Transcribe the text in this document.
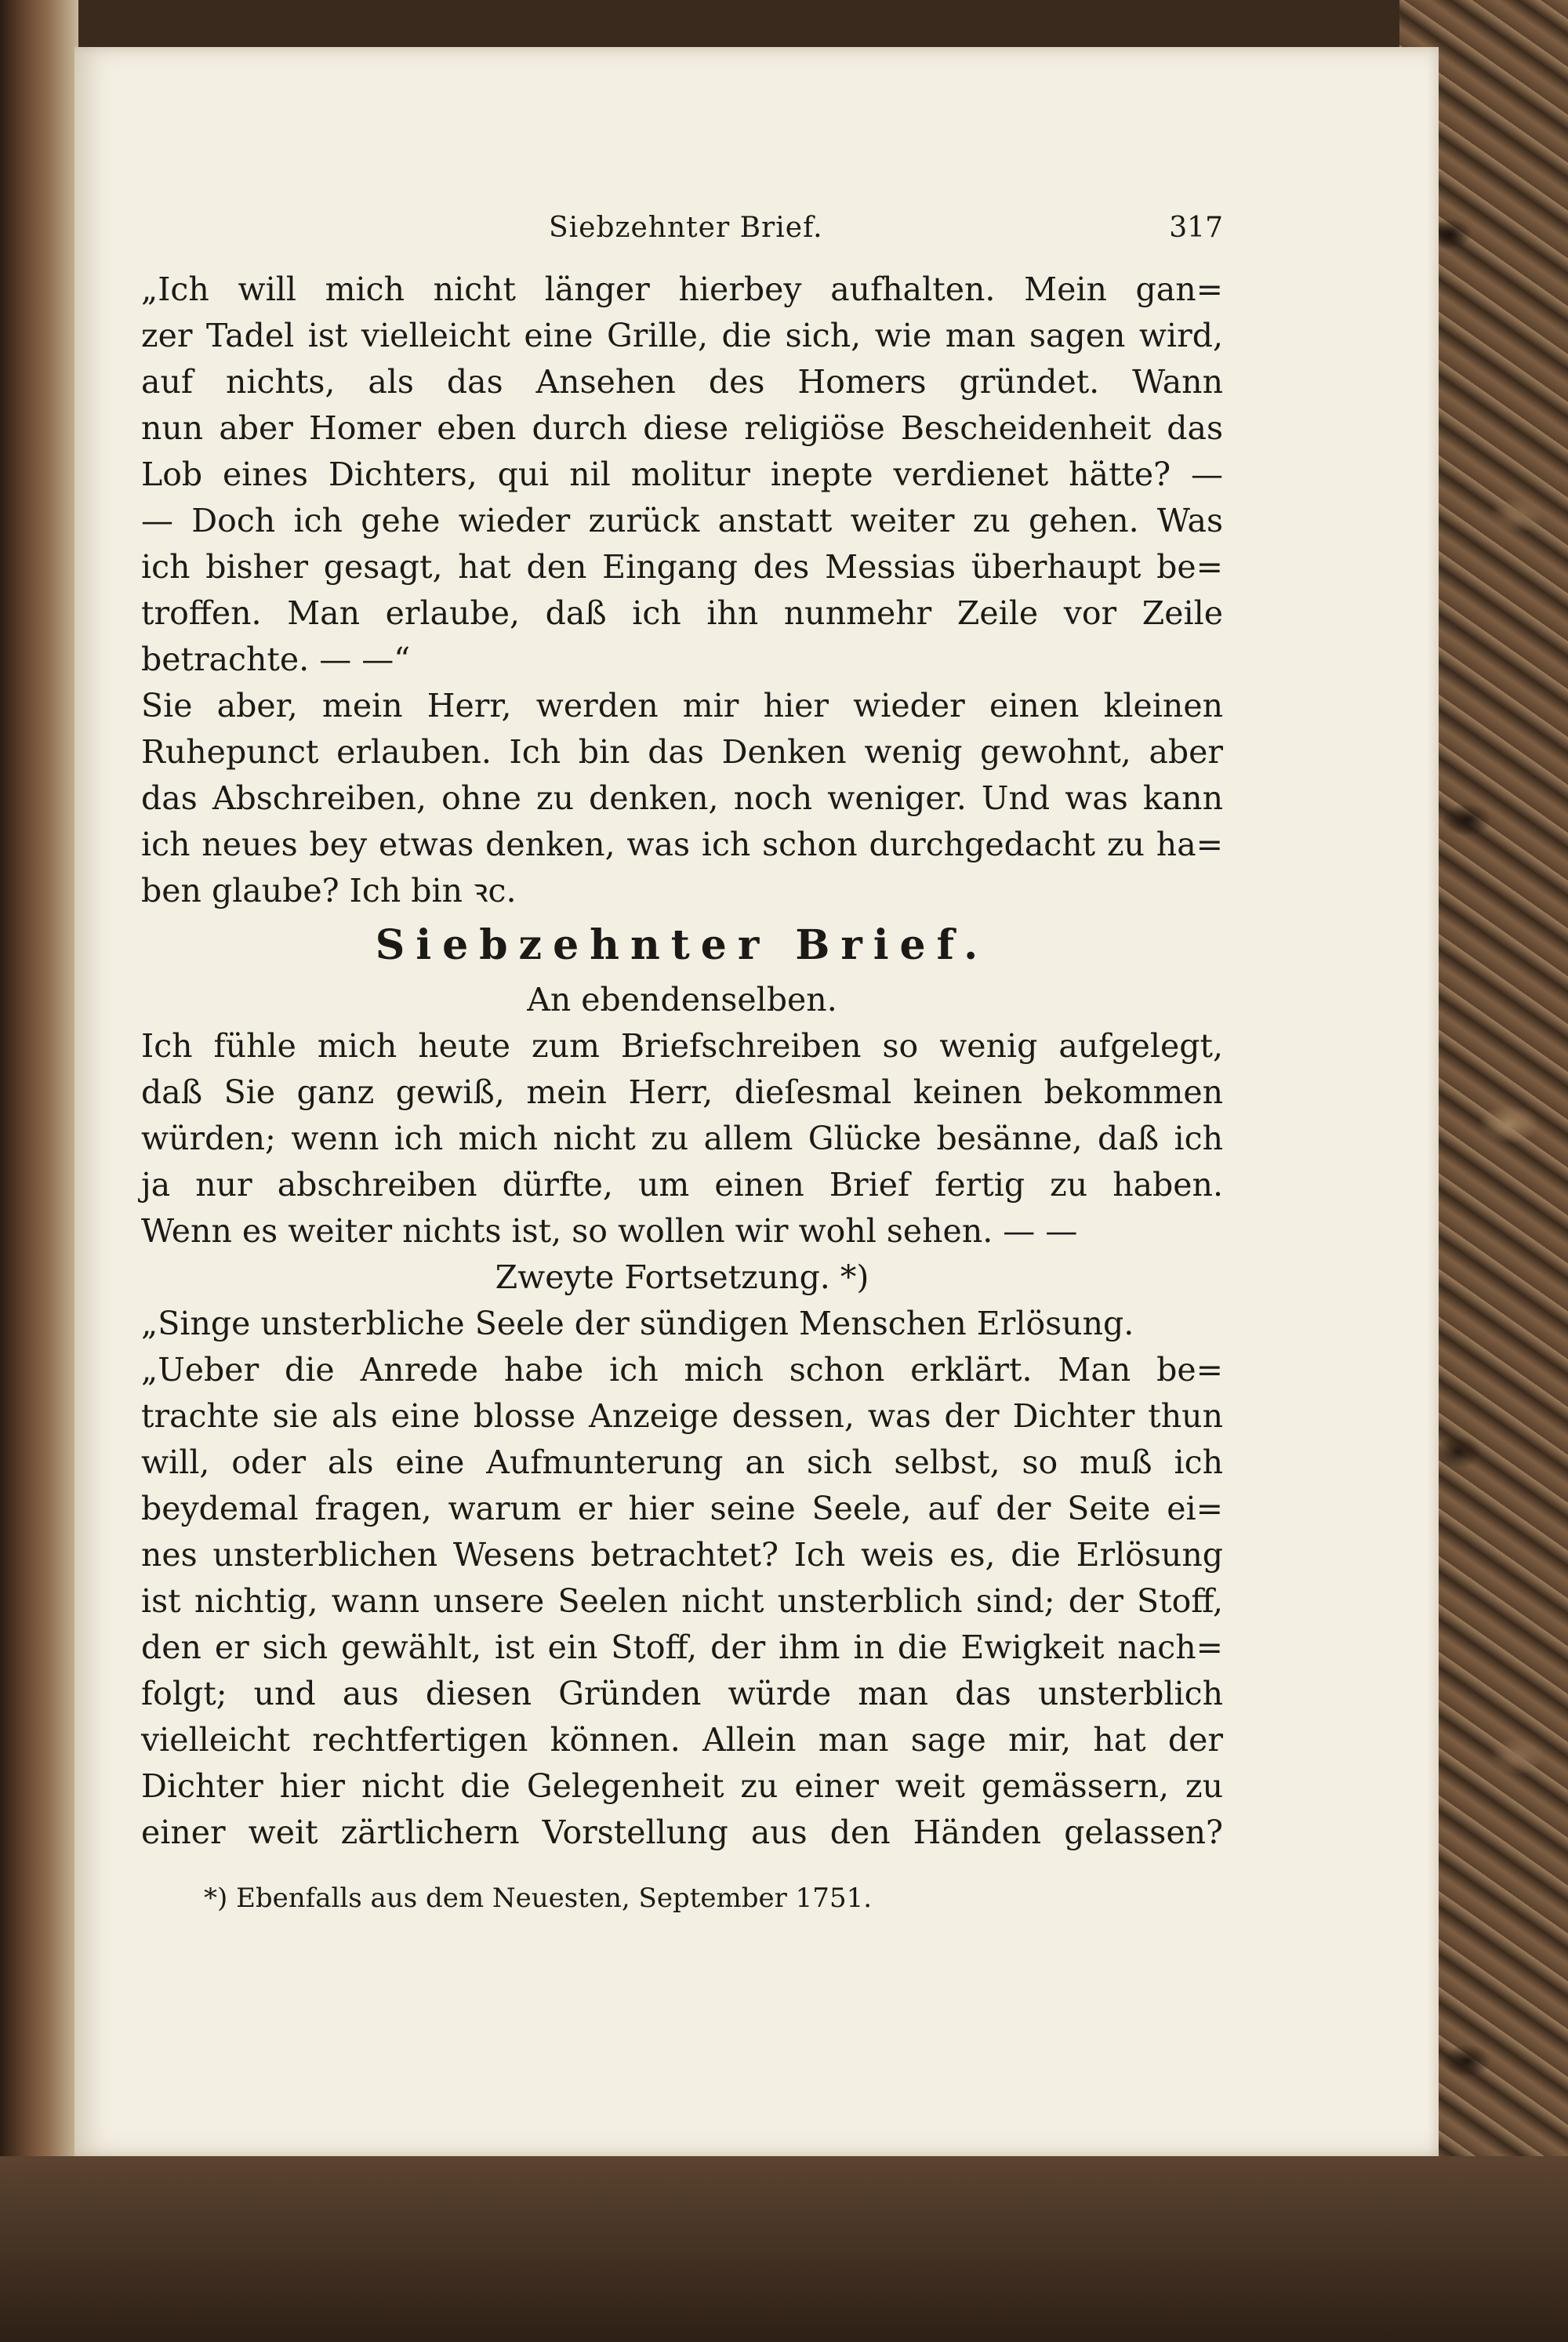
Siebzehnter Brief.	317
„Ich will mich nicht länger hierbey aufhalten. Mein gan=
zer Tadel ist vielleicht eine Grille, die sich, wie man sagen wird,
auf nichts, als das Ansehen des Homers gründet. Wann
nun aber Homer eben durch diese religiöse Bescheidenheit das
Lob eines Dichters, qui nil molitur inepte verdienet hätte? —
— Doch ich gehe wieder zurück anstatt weiter zu gehen. Was
ich bisher gesagt, hat den Eingang des Messias überhaupt be=
troffen. Man erlaube, daß ich ihn nunmehr Zeile vor Zeile
betrachte. — —“
Sie aber, mein Herr, werden mir hier wieder einen kleinen
Ruhepunct erlauben. Ich bin das Denken wenig gewohnt, aber
das Abschreiben, ohne zu denken, noch weniger. Und was kann
ich neues bey etwas denken, was ich schon durchgedacht zu ha=
ben glaube? Ich bin ꝛc.
Siebzehnter Brief.
An ebendenselben.
Ich fühle mich heute zum Briefschreiben so wenig aufgelegt,
daß Sie ganz gewiß, mein Herr, dieſesmal keinen bekommen
würden; wenn ich mich nicht zu allem Glücke besänne, daß ich
ja nur abschreiben dürfte, um einen Brief fertig zu haben.
Wenn es weiter nichts ist, so wollen wir wohl sehen. — —
Zweyte Fortsetzung. *)
„Singe unsterbliche Seele der sündigen Menschen Erlösung.
„Ueber die Anrede habe ich mich schon erklärt. Man be=
trachte sie als eine blosse Anzeige dessen, was der Dichter thun
will, oder als eine Aufmunterung an sich selbst, so muß ich
beydemal fragen, warum er hier seine Seele, auf der Seite ei=
nes unsterblichen Wesens betrachtet? Ich weis es, die Erlösung
ist nichtig, wann unsere Seelen nicht unsterblich sind; der Stoff,
den er sich gewählt, ist ein Stoff, der ihm in die Ewigkeit nach=
folgt; und aus diesen Gründen würde man das unsterblich
vielleicht rechtfertigen können. Allein man sage mir, hat der
Dichter hier nicht die Gelegenheit zu einer weit gemässern, zu
einer weit zärtlichern Vorstellung aus den Händen gelassen?
*) Ebenfalls aus dem Neuesten, September 1751.
